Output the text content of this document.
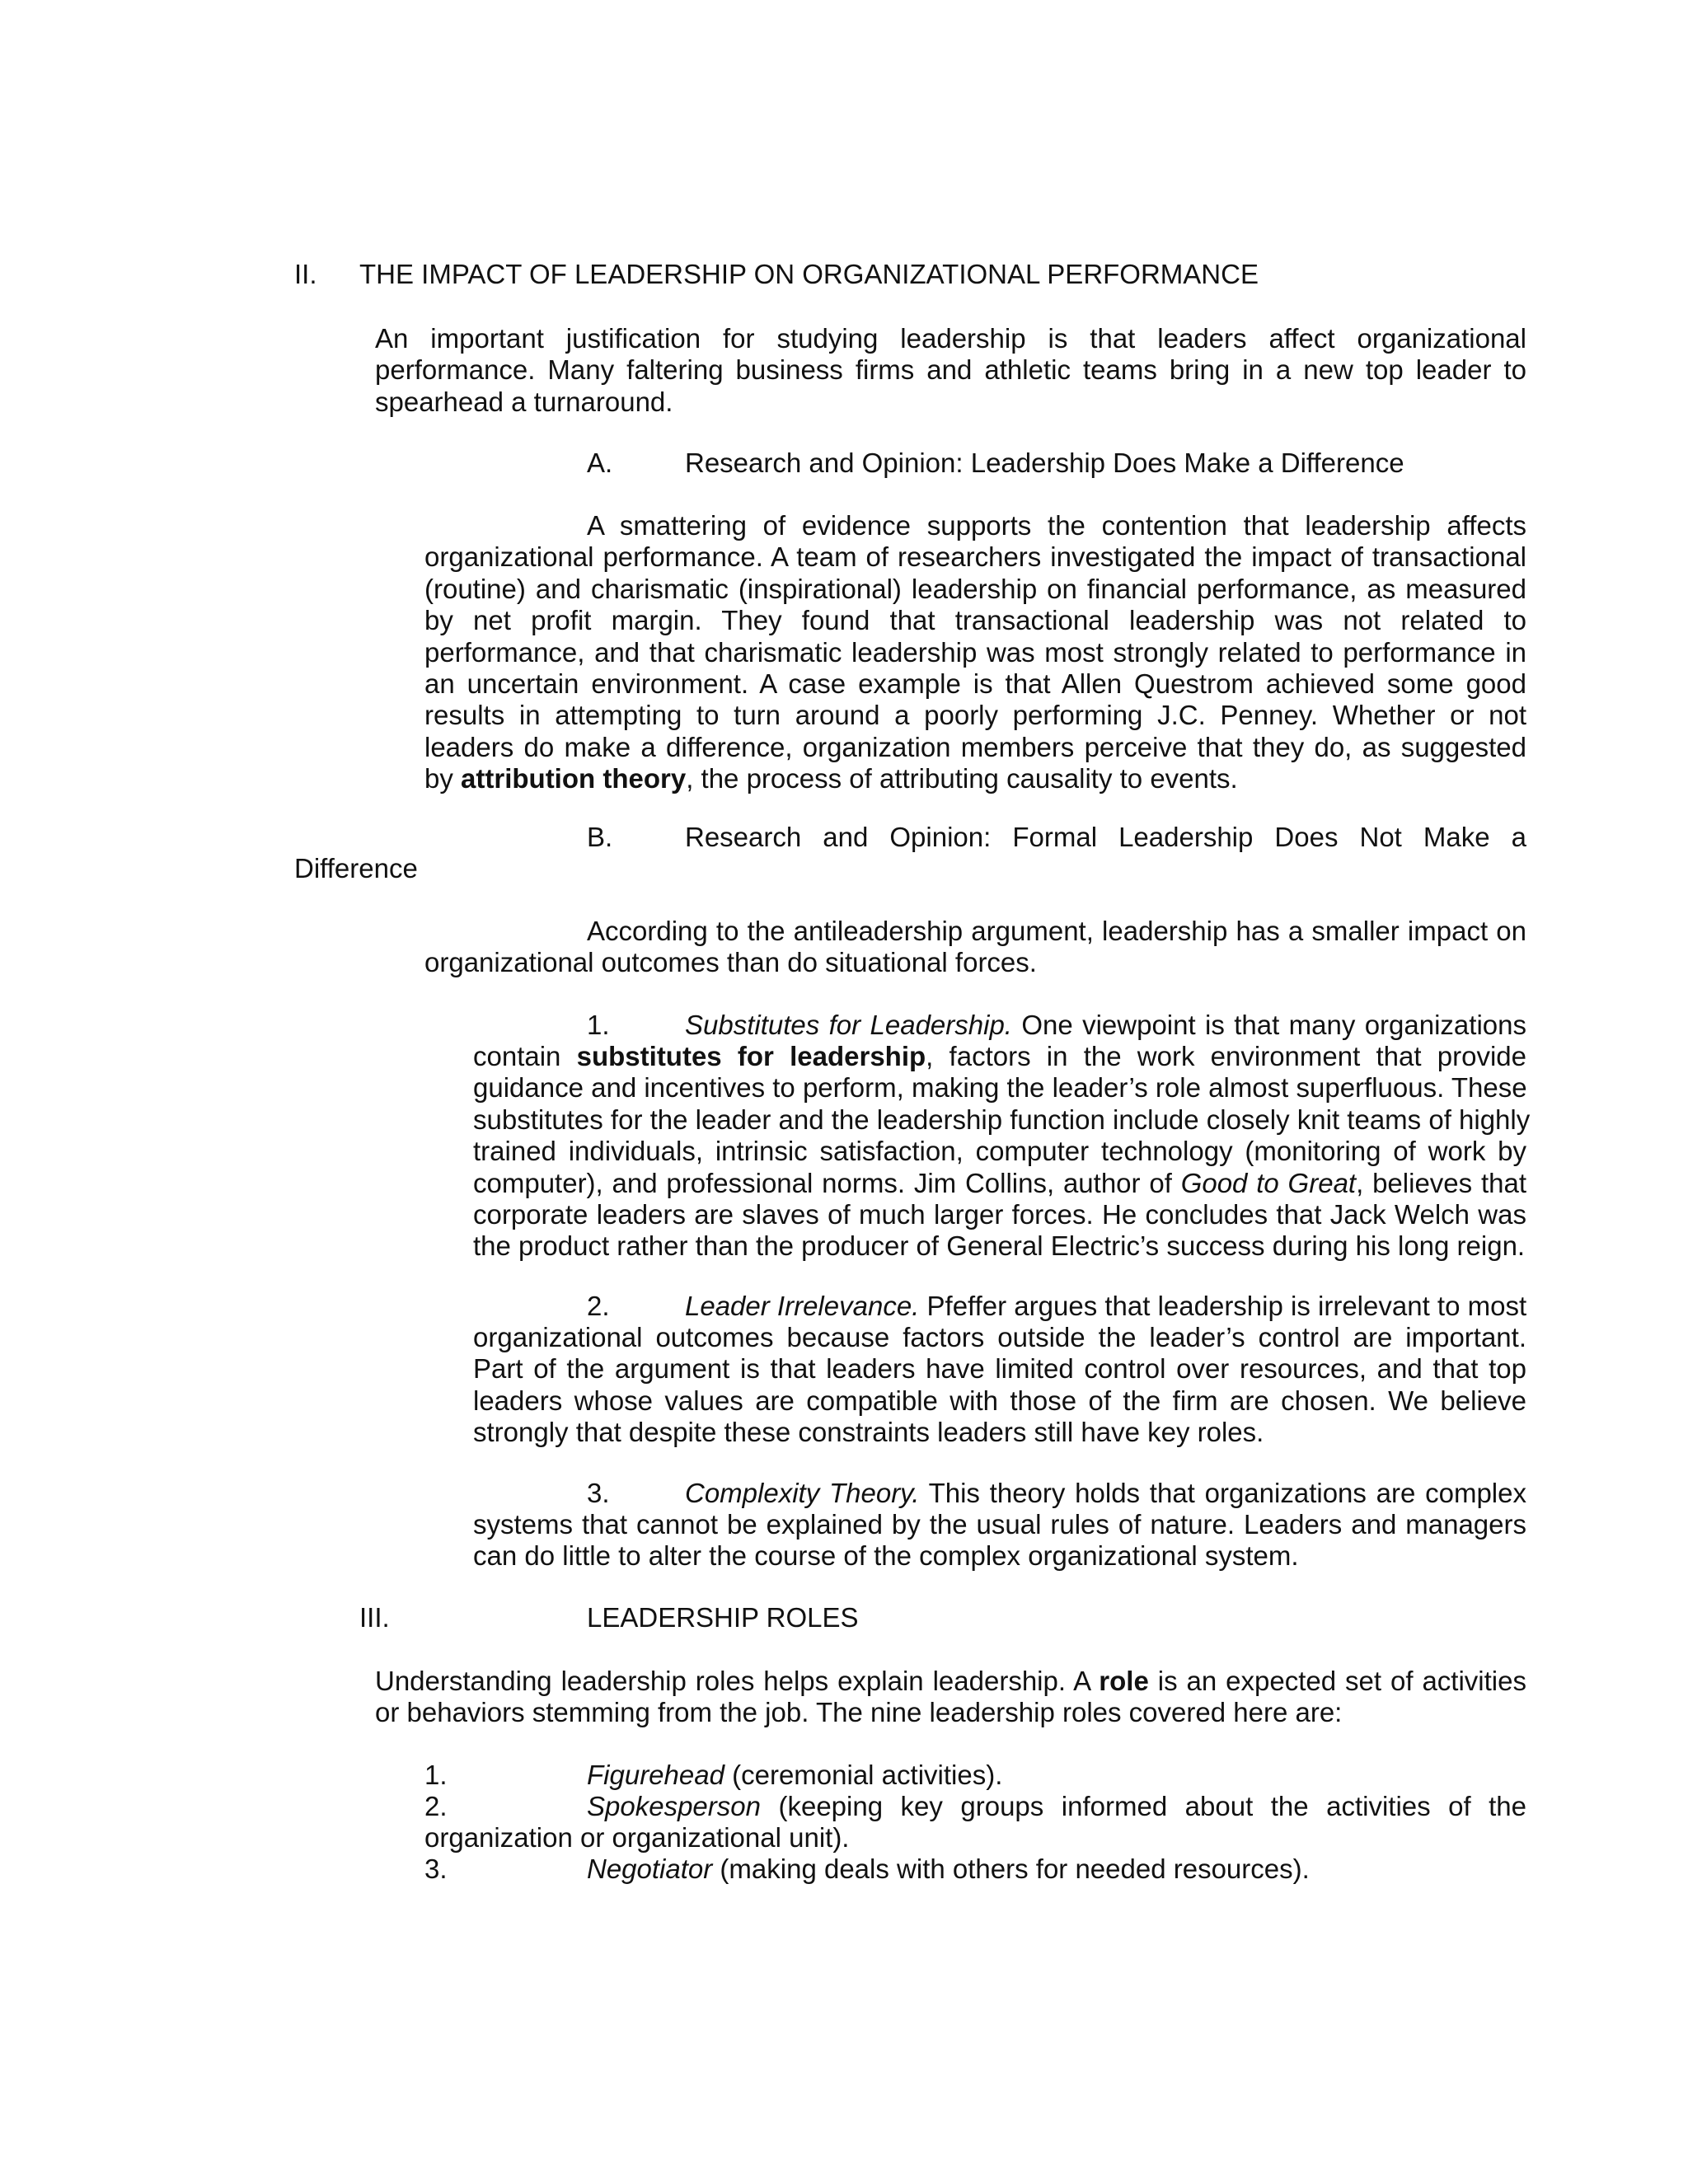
II. THE IMPACT OF LEADERSHIP ON ORGANIZATIONAL PERFORMANCE
An important justification for studying leadership is that leaders affect organizational
performance. Many faltering business firms and athletic teams bring in a new top leader to
spearhead a turnaround.
A.	Research and Opinion: Leadership Does Make a Difference
A smattering of evidence supports the contention that leadership affects
organizational performance. A team of researchers investigated the impact of transactional
(routine) and charismatic (inspirational) leadership on financial performance, as measured
by net profit margin. They found that transactional leadership was not related to
performance, and that charismatic leadership was most strongly related to performance in
an uncertain environment. A case example is that Allen Questrom achieved some good
results in attempting to turn around a poorly performing J.C. Penney. Whether or not
leaders do make a difference, organization members perceive that they do, as suggested
by attribution theory, the process of attributing causality to events.
B.	Research and Opinion: Formal Leadership Does Not Make a
Difference
According to the antileadership argument, leadership has a smaller impact on
organizational outcomes than do situational forces.
1.	Substitutes for Leadership. One viewpoint is that many organizations
contain substitutes for leadership, factors in the work environment that provide
guidance and incentives to perform, making the leader’s role almost superfluous. These
substitutes for the leader and the leadership function include closely knit teams of highly
trained individuals, intrinsic satisfaction, computer technology (monitoring of work by
computer), and professional norms. Jim Collins, author of Good to Great, believes that
corporate leaders are slaves of much larger forces. He concludes that Jack Welch was
the product rather than the producer of General Electric’s success during his long reign.
2.	Leader Irrelevance. Pfeffer argues that leadership is irrelevant to most
organizational outcomes because factors outside the leader’s control are important.
Part of the argument is that leaders have limited control over resources, and that top
leaders whose values are compatible with those of the firm are chosen. We believe
strongly that despite these constraints leaders still have key roles.
3.	Complexity Theory. This theory holds that organizations are complex
systems that cannot be explained by the usual rules of nature. Leaders and managers
can do little to alter the course of the complex organizational system.
III.	LEADERSHIP ROLES
Understanding leadership roles helps explain leadership. A role is an expected set of activities
or behaviors stemming from the job. The nine leadership roles covered here are:
1.	Figurehead (ceremonial activities).
2.	Spokesperson (keeping key groups informed about the activities of the
organization or organizational unit).
3.	Negotiator (making deals with others for needed resources).
